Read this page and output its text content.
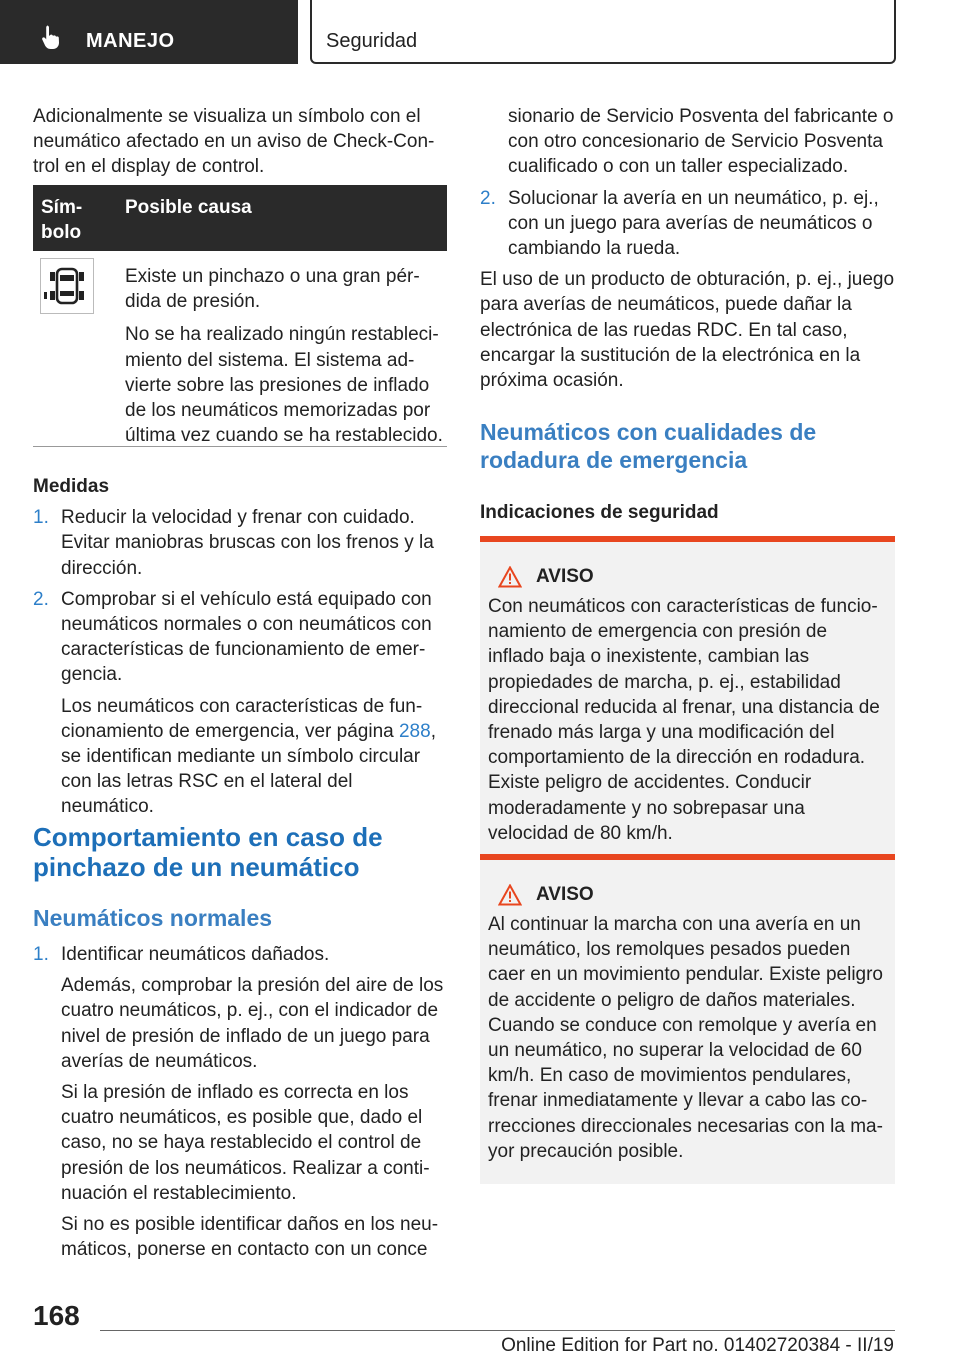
MANEJO	Seguridad

Adicionalmente se visualiza un símbolo con el neumático afectado en un aviso de Check-Control en el display de control.

Símbolo
Posible causa

Existe un pinchazo o una gran pérdida de presión.

No se ha realizado ningún restablecimiento del sistema. El sistema advierte sobre las presiones de inflado de los neumáticos memorizadas por última vez cuando se ha restablecido.

Medidas

1. Reducir la velocidad y frenar con cuidado. Evitar maniobras bruscas con los frenos y la dirección.

2. Comprobar si el vehículo está equipado con neumáticos normales o con neumáticos con características de funcionamiento de emergencia.

Los neumáticos con características de funcionamiento de emergencia, ver página 288, se identifican mediante un símbolo circular con las letras RSC en el lateral del neumático.

Comportamiento en caso de pinchazo de un neumático

Neumáticos normales

1. Identificar neumáticos dañados.

Además, comprobar la presión del aire de los cuatro neumáticos, p. ej., con el indicador de nivel de presión de inflado de un juego para averías de neumáticos.

Si la presión de inflado es correcta en los cuatro neumáticos, es posible que, dado el caso, no se haya restablecido el control de presión de los neumáticos. Realizar a continuación el restablecimiento.

Si no es posible identificar daños en los neumáticos, ponerse en contacto con un conce

sionario de Servicio Posventa del fabricante o con otro concesionario de Servicio Posventa cualificado o con un taller especializado.

2. Solucionar la avería en un neumático, p. ej., con un juego para averías de neumáticos o cambiando la rueda.

El uso de un producto de obturación, p. ej., juego para averías de neumáticos, puede dañar la electrónica de las ruedas RDC. En tal caso, encargar la sustitución de la electrónica en la próxima ocasión.

Neumáticos con cualidades de rodadura de emergencia

Indicaciones de seguridad

AVISO

Con neumáticos con características de funcionamiento de emergencia con presión de inflado baja o inexistente, cambian las propiedades de marcha, p. ej., estabilidad direccional reducida al frenar, una distancia de frenado más larga y una modificación del comportamiento de la dirección en rodadura. Existe peligro de accidentes. Conducir moderadamente y no sobrepasar una velocidad de 80 km/h.

AVISO

Al continuar la marcha con una avería en un neumático, los remolques pesados pueden caer en un movimiento pendular. Existe peligro de accidente o peligro de daños materiales. Cuando se conduce con remolque y avería en un neumático, no superar la velocidad de 60 km/h. En caso de movimientos pendulares, frenar inmediatamente y llevar a cabo las correcciones direccionales necesarias con la mayor precaución posible.

168
Online Edition for Part no. 01402720384 - II/19
